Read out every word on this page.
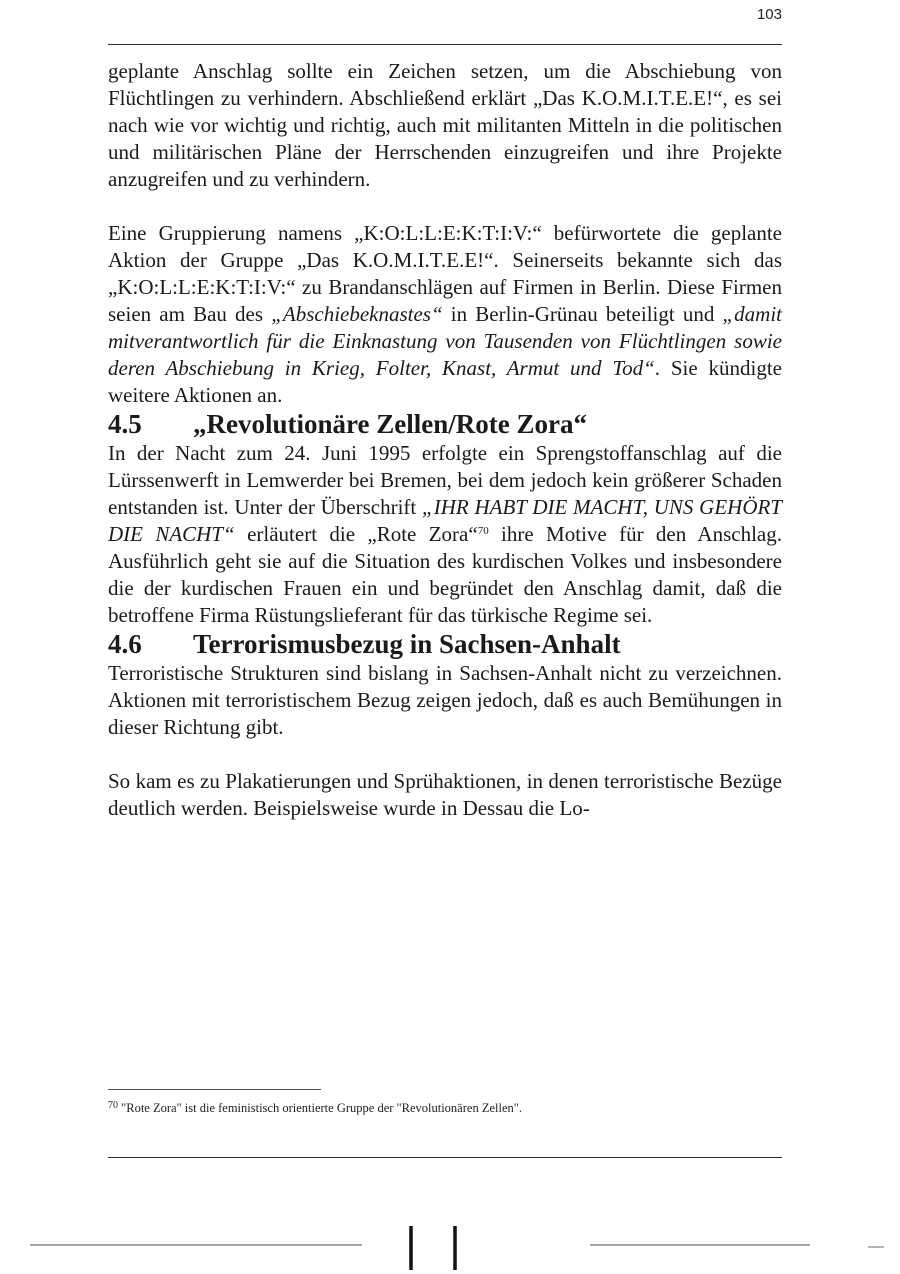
103

geplante Anschlag sollte ein Zeichen setzen, um die Abschiebung von Flüchtlingen zu verhindern. Abschließend erklärt „Das K.O.M.I.T.E.E!“, es sei nach wie vor wichtig und richtig, auch mit militanten Mitteln in die politischen und militärischen Pläne der Herrschenden einzugreifen und ihre Projekte anzugreifen und zu verhindern.

Eine Gruppierung namens „K:O:L:L:E:K:T:I:V:“ befürwortete die geplante Aktion der Gruppe „Das K.O.M.I.T.E.E!“. Seinerseits bekannte sich das „K:O:L:L:E:K:T:I:V:“ zu Brandanschlägen auf Firmen in Berlin. Diese Firmen seien am Bau des „Abschiebeknastes“ in Berlin-Grünau beteiligt und „damit mitverantwortlich für die Einknastung von Tausenden von Flüchtlingen sowie deren Abschiebung in Krieg, Folter, Knast, Armut und Tod“. Sie kündigte weitere Aktionen an.

4.5	„Revolutionäre Zellen/Rote Zora“

In der Nacht zum 24. Juni 1995 erfolgte ein Sprengstoffanschlag auf die Lürssenwerft in Lemwerder bei Bremen, bei dem jedoch kein größerer Schaden entstanden ist. Unter der Überschrift „IHR HABT DIE MACHT, UNS GEHÖRT DIE NACHT“ erläutert die „Rote Zora“$^{70}$ ihre Motive für den Anschlag. Ausführlich geht sie auf die Situation des kurdischen Volkes und insbesondere die der kurdischen Frauen ein und begründet den Anschlag damit, daß die betroffene Firma Rüstungslieferant für das türkische Regime sei.

4.6	Terrorismusbezug in Sachsen-Anhalt

Terroristische Strukturen sind bislang in Sachsen-Anhalt nicht zu verzeichnen. Aktionen mit terroristischem Bezug zeigen jedoch, daß es auch Bemühungen in dieser Richtung gibt.

So kam es zu Plakatierungen und Sprühaktionen, in denen terroristische Bezüge deutlich werden. Beispielsweise wurde in Dessau die Lo-

$^{70}$ "Rote Zora" ist die feministisch orientierte Gruppe der "Revolutionären Zellen".
